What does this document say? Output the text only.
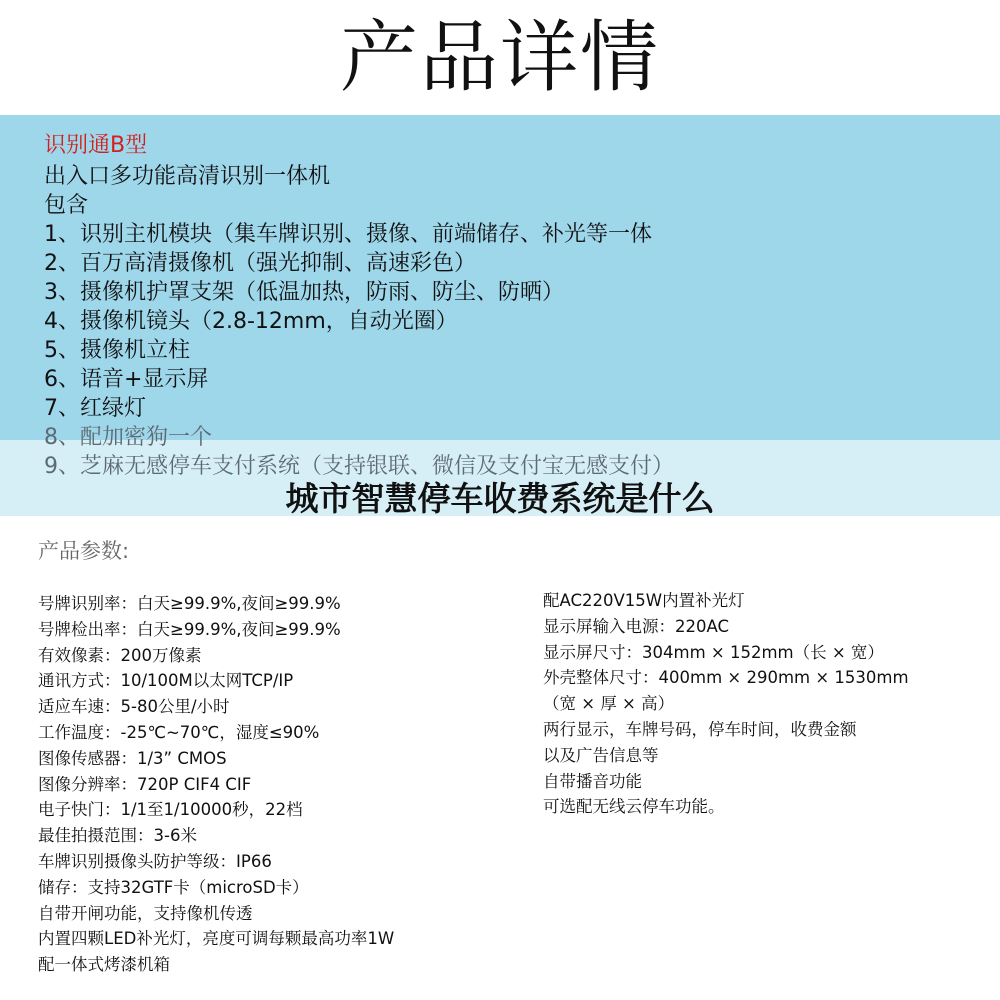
产品详情
识别通B型
出入口多功能高清识别一体机
包含
1、识别主机模块（集车牌识别、摄像、前端储存、补光等一体
2、百万高清摄像机（强光抑制、高速彩色）
3、摄像机护罩支架（低温加热，防雨、防尘、防晒）
4、摄像机镜头（2.8-12mm，自动光圈）
5、摄像机立柱
6、语音+显示屏
7、红绿灯
8、配加密狗一个
9、芝麻无感停车支付系统（支持银联、微信及支付宝无感支付）
城市智慧停车收费系统是什么
产品参数:
号牌识别率：白天≥99.9%,夜间≥99.9%
号牌检出率：白天≥99.9%,夜间≥99.9%
有效像素：200万像素
通讯方式：10/100M以太网TCP/IP
适应车速：5-80公里/小时
工作温度：-25℃~70℃，湿度≤90%
图像传感器：1/3” CMOS
图像分辨率：720P CIF4 CIF
电子快门：1/1至1/10000秒，22档
最佳拍摄范围：3-6米
车牌识别摄像头防护等级：IP66
储存：支持32GTF卡（microSD卡）
自带开闸功能，支持像机传透
内置四颗LED补光灯，亮度可调每颗最高功率1W
配一体式烤漆机箱
配AC220V15W内置补光灯
显示屏输入电源：220AC
显示屏尺寸：304mm × 152mm（长 × 宽）
外壳整体尺寸：400mm × 290mm × 1530mm
（宽 × 厚 × 高）
两行显示，车牌号码，停车时间，收费金额
以及广告信息等
自带播音功能
可选配无线云停车功能。
